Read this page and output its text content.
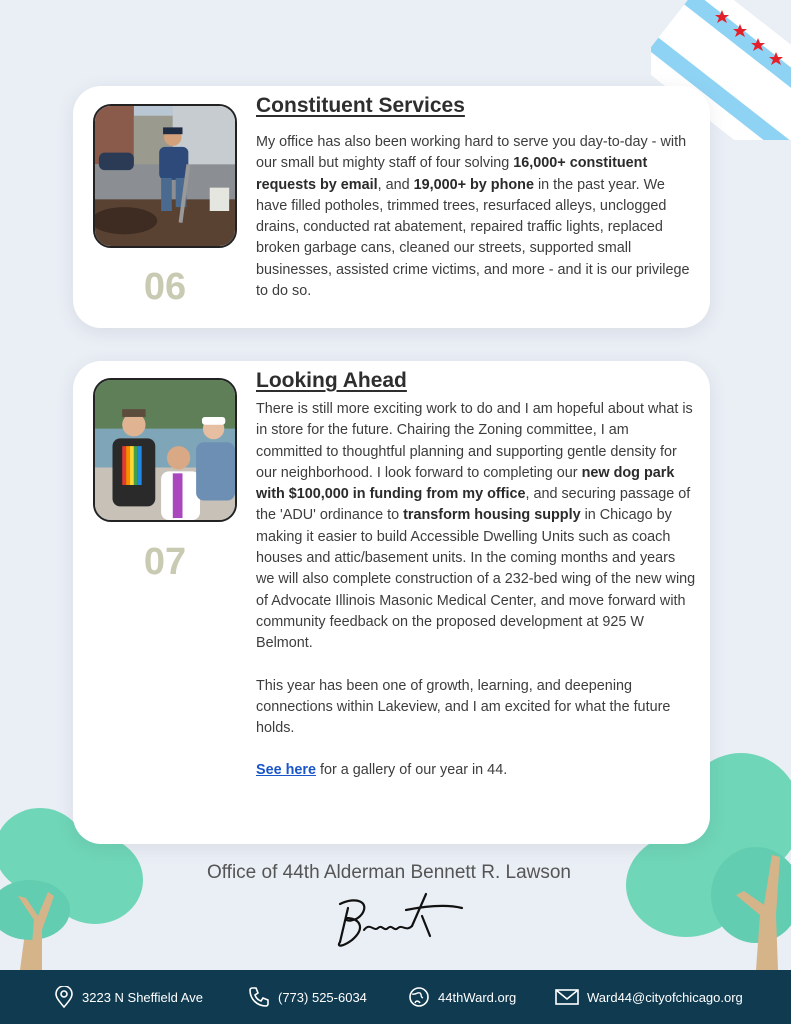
06
Constituent Services

My office has also been working hard to serve you day-to-day - with our small but mighty staff of four solving 16,000+ constituent requests by email, and 19,000+ by phone in the past year. We have filled potholes, trimmed trees, resurfaced alleys, unclogged drains, conducted rat abatement, repaired traffic lights, replaced broken garbage cans, cleaned our streets, supported small businesses, assisted crime victims, and more - and it is our privilege to do so.

07
Looking Ahead

There is still more exciting work to do and I am hopeful about what is in store for the future. Chairing the Zoning committee, I am committed to thoughtful planning and supporting gentle density for our neighborhood. I look forward to completing our new dog park with $100,000 in funding from my office, and securing passage of the 'ADU' ordinance to transform housing supply in Chicago by making it easier to build Accessible Dwelling Units such as coach houses and attic/basement units. In the coming months and years we will also complete construction of a 232-bed wing of the new wing of Advocate Illinois Masonic Medical Center, and move forward with community feedback on the proposed development at 925 W Belmont.

This year has been one of growth, learning, and deepening connections within Lakeview, and I am excited for what the future holds.

See here for a gallery of our year in 44.

Office of 44th Alderman Bennett R. Lawson
3223 N Sheffield Ave	(773) 525-6034	44thWard.org	Ward44@cityofchicago.org
